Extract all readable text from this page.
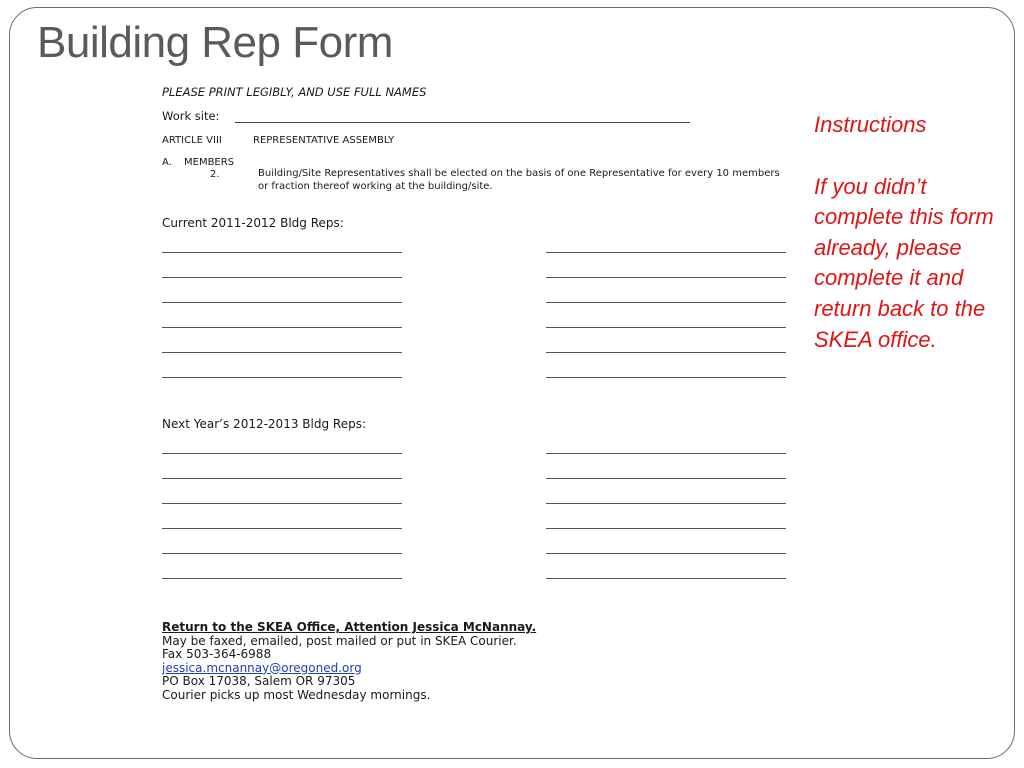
Building Rep Form
PLEASE PRINT LEGIBLY, AND USE FULL NAMES
Work site:
ARTICLE VIII	REPRESENTATIVE ASSEMBLY
A. MEMBERS
2.	Building/Site Representatives shall be elected on the basis of one Representative for every 10 members or fraction thereof working at the building/site.
Current 2011-2012 Bldg Reps:
Next Year’s 2012-2013 Bldg Reps:
Return to the SKEA Office, Attention Jessica McNannay.
May be faxed, emailed, post mailed or put in SKEA Courier.
Fax 503-364-6988
jessica.mcnannay@oregoned.org
PO Box 17038, Salem OR 97305
Courier picks up most Wednesday mornings.
Instructions
If you didn’t complete this form already, please complete it and return back to the SKEA office.
